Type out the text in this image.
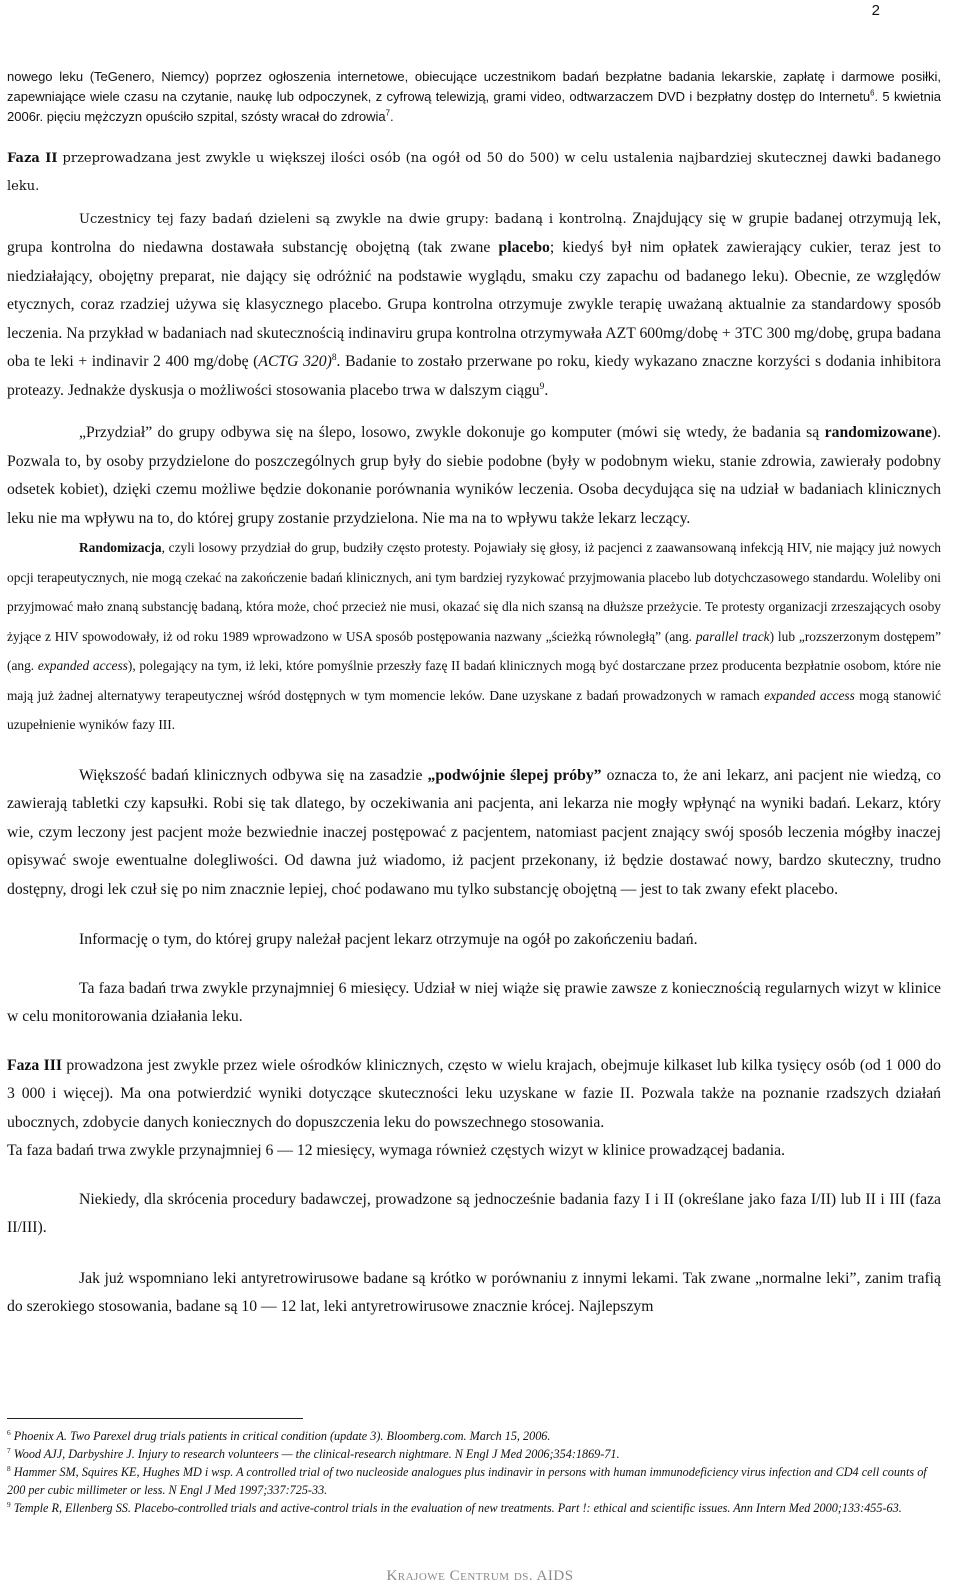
2

nowego leku (TeGenero, Niemcy) poprzez ogłoszenia internetowe, obiecujące uczestnikom badań bezpłatne badania lekarskie, zapłatę i darmowe posiłki, zapewniające wiele czasu na czytanie, naukę lub odpoczynek, z cyfrową telewizją, grami video, odtwarzaczem DVD i bezpłatny dostęp do Internetu$^6$. 5 kwietnia 2006r. pięciu mężczyzn opuściło szpital, szósty wracał do zdrowia$^7$.

Faza II przeprowadzana jest zwykle u większej ilości osób (na ogół od 50 do 500) w celu ustalenia najbardziej skutecznej dawki badanego leku.

Uczestnicy tej fazy badań dzieleni są zwykle na dwie grupy: badaną i kontrolną. Znajdujący się w grupie badanej otrzymują lek, grupa kontrolna do niedawna dostawała substancję obojętną (tak zwane placebo; kiedyś był nim opłatek zawierający cukier, teraz jest to niedziałający, obojętny preparat, nie dający się odróżnić na podstawie wyglądu, smaku czy zapachu od badanego leku). Obecnie, ze względów etycznych, coraz rzadziej używa się klasycznego placebo. Grupa kontrolna otrzymuje zwykle terapię uważaną aktualnie za standardowy sposób leczenia. Na przykład w badaniach nad skutecznością indinaviru grupa kontrolna otrzymywała AZT 600mg/dobę + 3TC 300 mg/dobę, grupa badana oba te leki + indinavir 2 400 mg/dobę (ACTG 320)$^8$. Badanie to zostało przerwane po roku, kiedy wykazano znaczne korzyści s dodania inhibitora proteazy. Jednakże dyskusja o możliwości stosowania placebo trwa w dalszym ciągu$^9$.

„Przydział” do grupy odbywa się na ślepo, losowo, zwykle dokonuje go komputer (mówi się wtedy, że badania są randomizowane). Pozwala to, by osoby przydzielone do poszczególnych grup były do siebie podobne (były w podobnym wieku, stanie zdrowia, zawierały podobny odsetek kobiet), dzięki czemu możliwe będzie dokonanie porównania wyników leczenia. Osoba decydująca się na udział w badaniach klinicznych leku nie ma wpływu na to, do której grupy zostanie przydzielona. Nie ma na to wpływu także lekarz leczący.

Randomizacja, czyli losowy przydział do grup, budziły często protesty. Pojawiały się głosy, iż pacjenci z zaawansowaną infekcją HIV, nie mający już nowych opcji terapeutycznych, nie mogą czekać na zakończenie badań klinicznych, ani tym bardziej ryzykować przyjmowania placebo lub dotychczasowego standardu. Woleliby oni przyjmować mało znaną substancję badaną, która może, choć przecież nie musi, okazać się dla nich szansą na dłuższe przeżycie. Te protesty organizacji zrzeszających osoby żyjące z HIV spowodowały, iż od roku 1989 wprowadzono w USA sposób postępowania nazwany „ścieżką równoległą” (ang. parallel track) lub „rozszerzonym dostępem” (ang. expanded access), polegający na tym, iż leki, które pomyślnie przeszły fazę II badań klinicznych mogą być dostarczane przez producenta bezpłatnie osobom, które nie mają już żadnej alternatywy terapeutycznej wśród dostępnych w tym momencie leków. Dane uzyskane z badań prowadzonych w ramach expanded access mogą stanowić uzupełnienie wyników fazy III.

Większość badań klinicznych odbywa się na zasadzie „podwójnie ślepej próby” oznacza to, że ani lekarz, ani pacjent nie wiedzą, co zawierają tabletki czy kapsułki. Robi się tak dlatego, by oczekiwania ani pacjenta, ani lekarza nie mogły wpłynąć na wyniki badań. Lekarz, który wie, czym leczony jest pacjent może bezwiednie inaczej postępować z pacjentem, natomiast pacjent znający swój sposób leczenia mógłby inaczej opisywać swoje ewentualne dolegliwości. Od dawna już wiadomo, iż pacjent przekonany, iż będzie dostawać nowy, bardzo skuteczny, trudno dostępny, drogi lek czuł się po nim znacznie lepiej, choć podawano mu tylko substancję obojętną — jest to tak zwany efekt placebo.

Informację o tym, do której grupy należał pacjent lekarz otrzymuje na ogół po zakończeniu badań.

Ta faza badań trwa zwykle przynajmniej 6 miesięcy. Udział w niej wiąże się prawie zawsze z koniecznością regularnych wizyt w klinice w celu monitorowania działania leku.

Faza III prowadzona jest zwykle przez wiele ośrodków klinicznych, często w wielu krajach, obejmuje kilkaset lub kilka tysięcy osób (od 1 000 do 3 000 i więcej). Ma ona potwierdzić wyniki dotyczące skuteczności leku uzyskane w fazie II. Pozwala także na poznanie rzadszych działań ubocznych, zdobycie danych koniecznych do dopuszczenia leku do powszechnego stosowania.

Ta faza badań trwa zwykle przynajmniej 6 — 12 miesięcy, wymaga również częstych wizyt w klinice prowadzącej badania.

Niekiedy, dla skrócenia procedury badawczej, prowadzone są jednocześnie badania fazy I i II (określane jako faza I/II) lub II i III (faza II/III).

Jak już wspomniano leki antyretrowirusowe badane są krótko w porównaniu z innymi lekami. Tak zwane „normalne leki”, zanim trafią do szerokiego stosowania, badane są 10 — 12 lat, leki antyretrowirusowe znacznie krócej. Najlepszym

$^6$ Phoenix A. Two Parexel drug trials patients in critical condition (update 3). Bloomberg.com. March 15, 2006.

$^7$ Wood AJJ, Darbyshire J. Injury to research volunteers — the clinical-research nightmare. N Engl J Med 2006;354:1869-71.

$^8$ Hammer SM, Squires KE, Hughes MD i wsp. A controlled trial of two nucleoside analogues plus indinavir in persons with human immunodeficiency virus infection and CD4 cell counts of 200 per cubic millimeter or less. N Engl J Med 1997;337:725-33.

$^9$ Temple R, Ellenberg SS. Placebo-controlled trials and active-control trials in the evaluation of new treatments. Part !: ethical and scientific issues. Ann Intern Med 2000;133:455-63.

Krajowe Centrum ds. AIDS
